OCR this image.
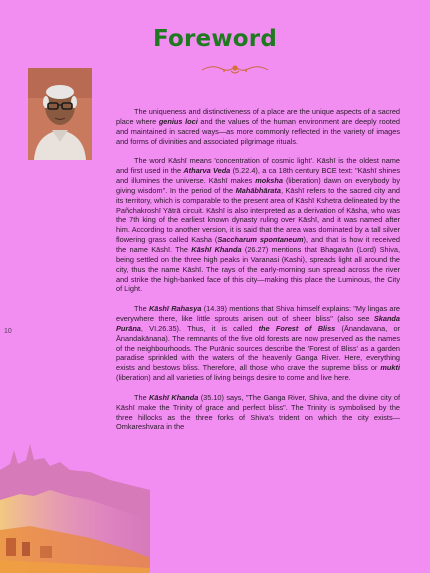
Foreword
10

The uniqueness and distinctiveness of a place are the unique aspects of a sacred place where genius loci and the values of the human environment are deeply rooted and maintained in sacred ways—as more commonly reflected in the variety of images and forms of divinities and associated pilgrimage rituals.

The word Kāshī means 'concentration of cosmic light'. Kāshī is the oldest name and first used in the Atharva Veda (5.22.4), a ca 18th century BCE text: "Kāshī shines and illumines the universe. Kāshī makes moksha (liberation) dawn on everybody by giving wisdom". In the period of the Mahābhārata, Kāshī refers to the sacred city and its territory, which is comparable to the present area of Kāshī Kshetra delineated by the Pañchakroshī Yātrā circuit. Kāshī is also interpreted as a derivation of Kāsha, who was the 7th king of the earliest known dynasty ruling over Kāshī, and it was named after him. According to another version, it is said that the area was dominated by a tall silver flowering grass called Kasha (Saccharum spontaneum), and that is how it received the name Kāshī. The Kāshī Khanda (26.27) mentions that Bhagavān (Lord) Shiva, being settled on the three high peaks in Varanasi (Kashi), spreads light all around the city, thus the name Kāshī. The rays of the early-morning sun spread across the river and strike the high-banked face of this city—making this place the Luminous, the City of Light.

The Kāshī Rahasya (14.39) mentions that Shiva himself explains: "My lingas are everywhere there, like little sprouts arisen out of sheer bliss" (also see Skanda Purāna, VI.26.35). Thus, it is called the Forest of Bliss (Ānandavana, or Ānandakānana). The remnants of the five old forests are now preserved as the names of the neighbourhoods. The Purānic sources describe the 'Forest of Bliss' as a garden paradise sprinkled with the waters of the heavenly Ganga River. Here, everything exists and bestows bliss. Therefore, all those who crave the supreme bliss or mukti (liberation) and all varieties of living beings desire to come and live here.

The Kāshī Khanda (35.10) says, "The Ganga River, Shiva, and the divine city of Kāshī make the Trinity of grace and perfect bliss". The Trinity is symbolised by the three hillocks as the three forks of Shiva's trident on which the city exists—Omkareshvara in the
